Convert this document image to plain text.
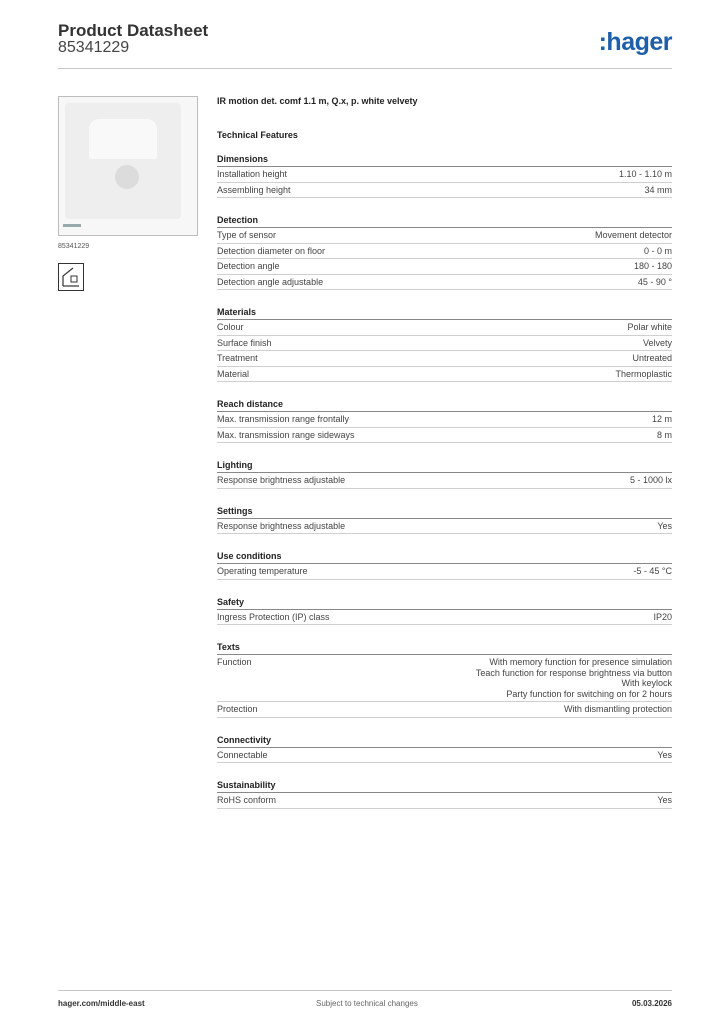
Product Datasheet
85341229	:hager
85341229
IR motion det. comf 1.1 m, Q.x, p. white velvety
Technical Features
Dimensions
Installation height	1.10 - 1.10 m
Assembling height	34 mm
Detection
Type of sensor	Movement detector
Detection diameter on floor	0 - 0 m
Detection angle	180 - 180
Detection angle adjustable	45 - 90 °
Materials
Colour	Polar white
Surface finish	Velvety
Treatment	Untreated
Material	Thermoplastic
Reach distance
Max. transmission range frontally	12 m
Max. transmission range sideways	8 m
Lighting
Response brightness adjustable	5 - 1000 lx
Settings
Response brightness adjustable	Yes
Use conditions
Operating temperature	-5 - 45 °C
Safety
Ingress Protection (IP) class	IP20
Texts
Function	With memory function for presence simulation
Teach function for response brightness via button
With keylock
Party function for switching on for 2 hours
Protection	With dismantling protection
Connectivity
Connectable	Yes
Sustainability
RoHS conform	Yes
hager.com/middle-east	Subject to technical changes	05.03.2026
